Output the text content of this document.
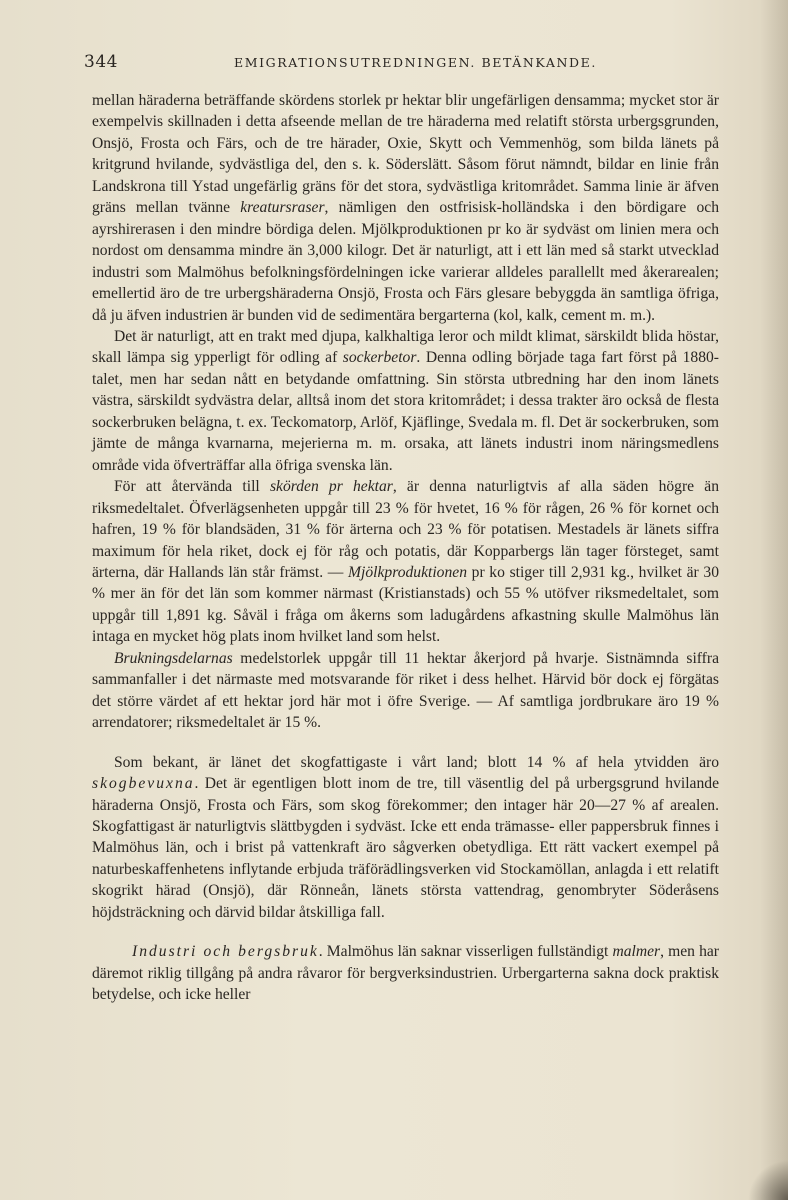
344	EMIGRATIONSUTREDNINGEN. BETÄNKANDE.

mellan häraderna beträffande skördens storlek pr hektar blir ungefärligen densamma; mycket stor är exempelvis skillnaden i detta afseende mellan de tre häraderna med relatift största urbergsgrunden, Onsjö, Frosta och Färs, och de tre härader, Oxie, Skytt och Vemmenhög, som bilda länets på kritgrund hvilande, sydvästliga del, den s. k. Söderslätt. Såsom förut nämndt, bildar en linie från Landskrona till Ystad ungefärlig gräns för det stora, sydvästliga kritområdet. Samma linie är äfven gräns mellan tvänne kreatursraser, nämligen den ostfrisisk-holländska i den bördigare och ayrshirerasen i den mindre bördiga delen. Mjölkproduktionen pr ko är sydväst om linien mera och nordost om densamma mindre än 3,000 kilogr. Det är naturligt, att i ett län med så starkt utvecklad industri som Malmöhus befolkningsfördelningen icke varierar alldeles parallellt med åkerarealen; emellertid äro de tre urbergshäraderna Onsjö, Frosta och Färs glesare bebyggda än samtliga öfriga, då ju äfven industrien är bunden vid de sedimentära bergarterna (kol, kalk, cement m. m.).

Det är naturligt, att en trakt med djupa, kalkhaltiga leror och mildt klimat, särskildt blida höstar, skall lämpa sig ypperligt för odling af sockerbetor. Denna odling började taga fart först på 1880-talet, men har sedan nått en betydande omfattning. Sin största utbredning har den inom länets västra, särskildt sydvästra delar, alltså inom det stora kritområdet; i dessa trakter äro också de flesta sockerbruken belägna, t. ex. Teckomatorp, Arlöf, Kjäflinge, Svedala m. fl. Det är sockerbruken, som jämte de många kvarnarna, mejerierna m. m. orsaka, att länets industri inom näringsmedlens område vida öfverträffar alla öfriga svenska län.

För att återvända till skörden pr hektar, är denna naturligtvis af alla säden högre än riksmedeltalet. Öfverlägsenheten uppgår till 23 % för hvetet, 16 % för rågen, 26 % för kornet och hafren, 19 % för blandsäden, 31 % för ärterna och 23 % för potatisen. Mestadels är länets siffra maximum för hela riket, dock ej för råg och potatis, där Kopparbergs län tager försteget, samt ärterna, där Hallands län står främst. — Mjölkproduktionen pr ko stiger till 2,931 kg., hvilket är 30 % mer än för det län som kommer närmast (Kristianstads) och 55 % utöfver riksmedeltalet, som uppgår till 1,891 kg. Såväl i fråga om åkerns som ladugårdens afkastning skulle Malmöhus län intaga en mycket hög plats inom hvilket land som helst.

Brukningsdelarnas medelstorlek uppgår till 11 hektar åkerjord på hvarje. Sistnämnda siffra sammanfaller i det närmaste med motsvarande för riket i dess helhet. Härvid bör dock ej förgätas det större värdet af ett hektar jord här mot i öfre Sverige. — Af samtliga jordbrukare äro 19 % arrendatorer; riksmedeltalet är 15 %.

Som bekant, är länet det skogfattigaste i vårt land; blott 14 % af hela ytvidden äro skogbevuxna. Det är egentligen blott inom de tre, till väsentlig del på urbergsgrund hvilande häraderna Onsjö, Frosta och Färs, som skog förekommer; den intager här 20—27 % af arealen. Skogfattigast är naturligtvis slättbygden i sydväst. Icke ett enda trämasse- eller pappersbruk finnes i Malmöhus län, och i brist på vattenkraft äro sågverken obetydliga. Ett rätt vackert exempel på naturbeskaffenhetens inflytande erbjuda träförädlingsverken vid Stockamöllan, anlagda i ett relatift skogrikt härad (Onsjö), där Rönneån, länets största vattendrag, genombryter Söderåsens höjdsträckning och därvid bildar åtskilliga fall.

Industri och bergsbruk. Malmöhus län saknar visserligen fullständigt malmer, men har däremot riklig tillgång på andra råvaror för bergverksindustrien. Urbergarterna sakna dock praktisk betydelse, och icke heller
